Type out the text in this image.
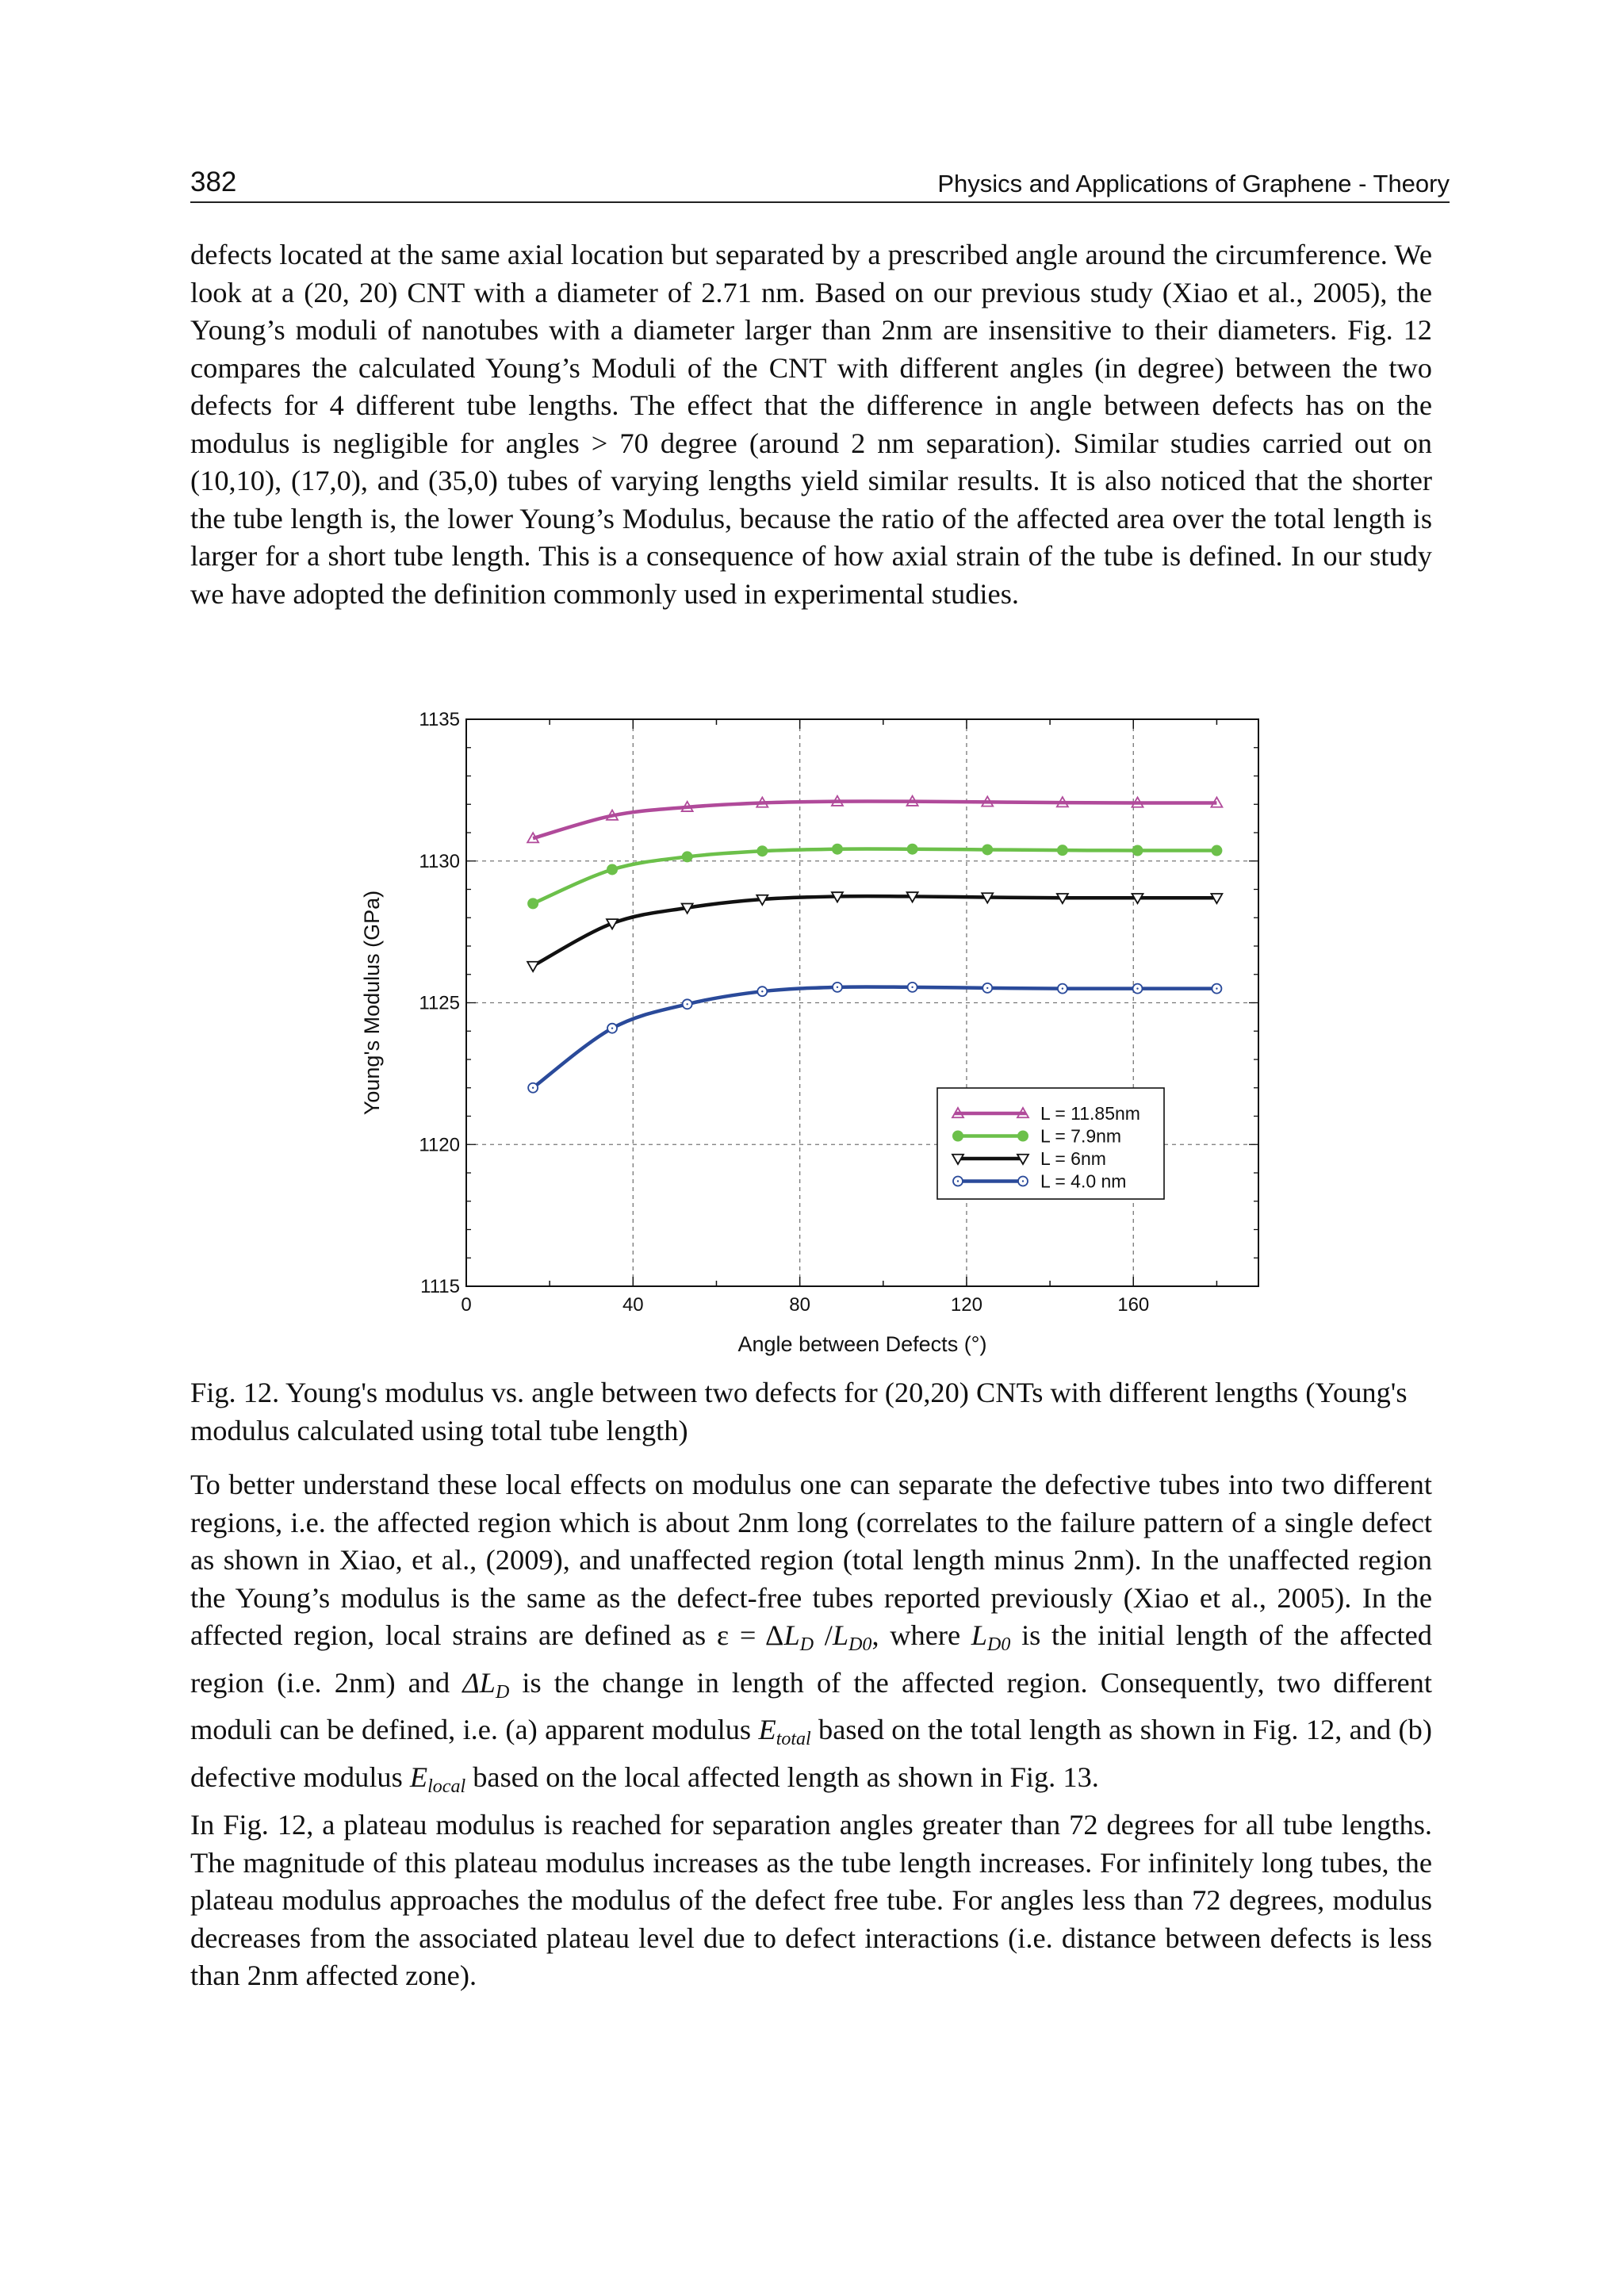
382	Physics and Applications of Graphene - Theory

defects located at the same axial location but separated by a prescribed angle around the circumference. We look at a (20, 20) CNT with a diameter of 2.71 nm. Based on our previous study (Xiao et al., 2005), the Young’s moduli of nanotubes with a diameter larger than 2nm are insensitive to their diameters. Fig. 12 compares the calculated Young’s Moduli of the CNT with different angles (in degree) between the two defects for 4 different tube lengths. The effect that the difference in angle between defects has on the modulus is negligible for angles > 70 degree (around 2 nm separation). Similar studies carried out on (10,10), (17,0), and (35,0) tubes of varying lengths yield similar results. It is also noticed that the shorter the tube length is, the lower Young’s Modulus, because the ratio of the affected area over the total length is larger for a short tube length. This is a consequence of how axial strain of the tube is defined. In our study we have adopted the definition commonly used in experimental studies.

0	40	80	120	160
1115
1120
1125
1130
1135
Angle between Defects (°)
Young's Modulus (GPa)	L = 11.85nm
L = 7.9nm
L = 6nm
L = 4.0 nm
Fig. 12. Young's modulus vs. angle between two defects for (20,20) CNTs with different lengths (Young's modulus calculated using total tube length)

To better understand these local effects on modulus one can separate the defective tubes into two different regions, i.e. the affected region which is about 2nm long (correlates to the failure pattern of a single defect as shown in Xiao, et al., (2009), and unaffected region (total length minus 2nm). In the unaffected region the Young’s modulus is the same as the defect-free tubes reported previously (Xiao et al., 2005). In the affected region, local strains are defined as $\varepsilon = \Delta L_D$ $/L_{D0}$, where $L_{D0}$ is the initial length of the affected region (i.e. 2nm) and $\Delta L_D$ is the change in length of the affected region. Consequently, two different moduli can be defined, i.e. (a) apparent modulus $E_{total}$ based on the total length as shown in Fig. 12, and (b) defective modulus $E_{local}$ based on the local affected length as shown in Fig. 13.

In Fig. 12, a plateau modulus is reached for separation angles greater than 72 degrees for all tube lengths. The magnitude of this plateau modulus increases as the tube length increases. For infinitely long tubes, the plateau modulus approaches the modulus of the defect free tube. For angles less than 72 degrees, modulus decreases from the associated plateau level due to defect interactions (i.e. distance between defects is less than 2nm affected zone).
